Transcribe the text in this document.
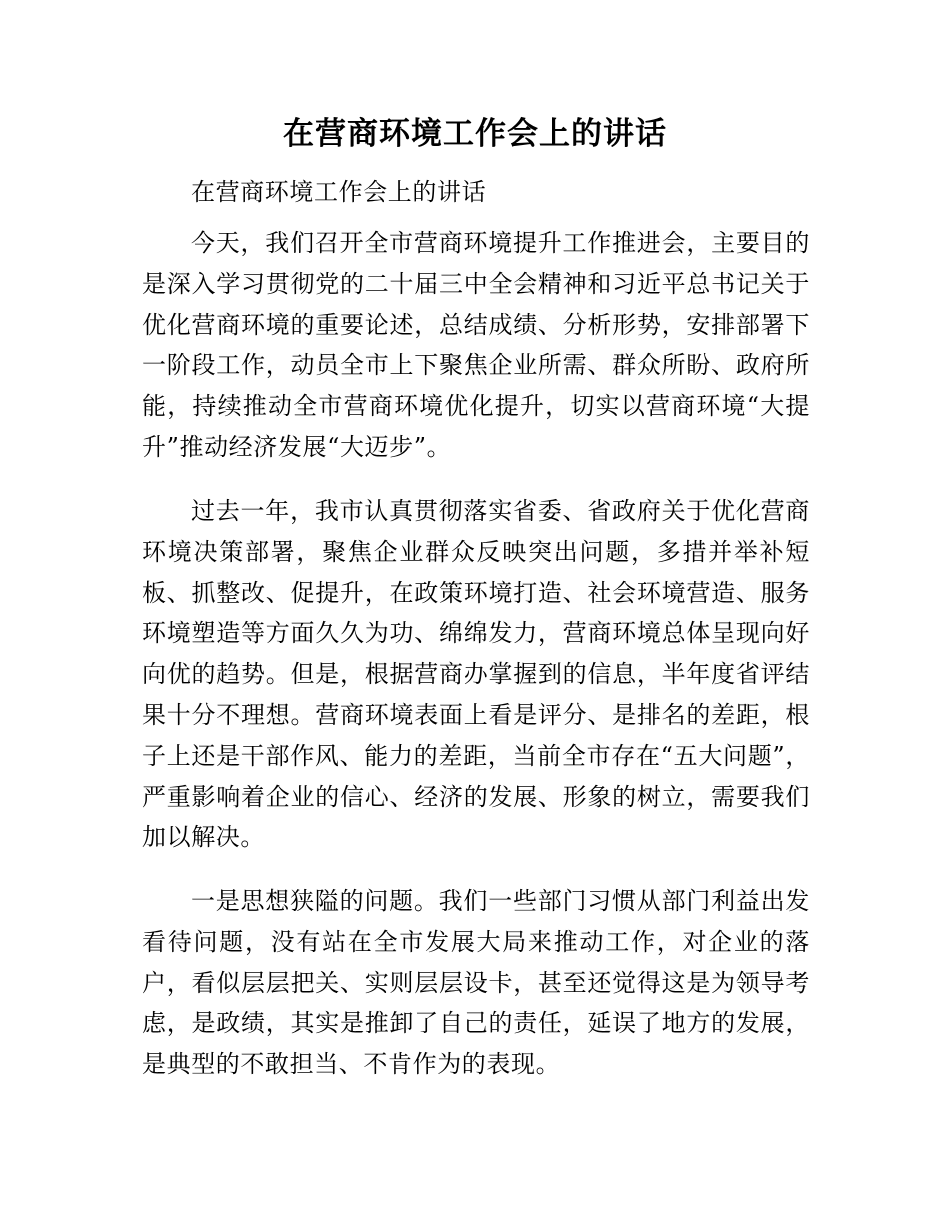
在营商环境工作会上的讲话

在营商环境工作会上的讲话

今天，我们召开全市营商环境提升工作推进会，主要目的是深入学习贯彻党的二十届三中全会精神和习近平总书记关于优化营商环境的重要论述，总结成绩、分析形势，安排部署下一阶段工作，动员全市上下聚焦企业所需、群众所盼、政府所能，持续推动全市营商环境优化提升，切实以营商环境“大提升”推动经济发展“大迈步”。

过去一年，我市认真贯彻落实省委、省政府关于优化营商环境决策部署，聚焦企业群众反映突出问题，多措并举补短板、抓整改、促提升，在政策环境打造、社会环境营造、服务环境塑造等方面久久为功、绵绵发力，营商环境总体呈现向好向优的趋势。但是，根据营商办掌握到的信息，半年度省评结果十分不理想。营商环境表面上看是评分、是排名的差距，根子上还是干部作风、能力的差距，当前全市存在“五大问题”，严重影响着企业的信心、经济的发展、形象的树立，需要我们加以解决。

一是思想狭隘的问题。我们一些部门习惯从部门利益出发看待问题，没有站在全市发展大局来推动工作，对企业的落户，看似层层把关、实则层层设卡，甚至还觉得这是为领导考虑，是政绩，其实是推卸了自己的责任，延误了地方的发展，是典型的不敢担当、不肯作为的表现。
